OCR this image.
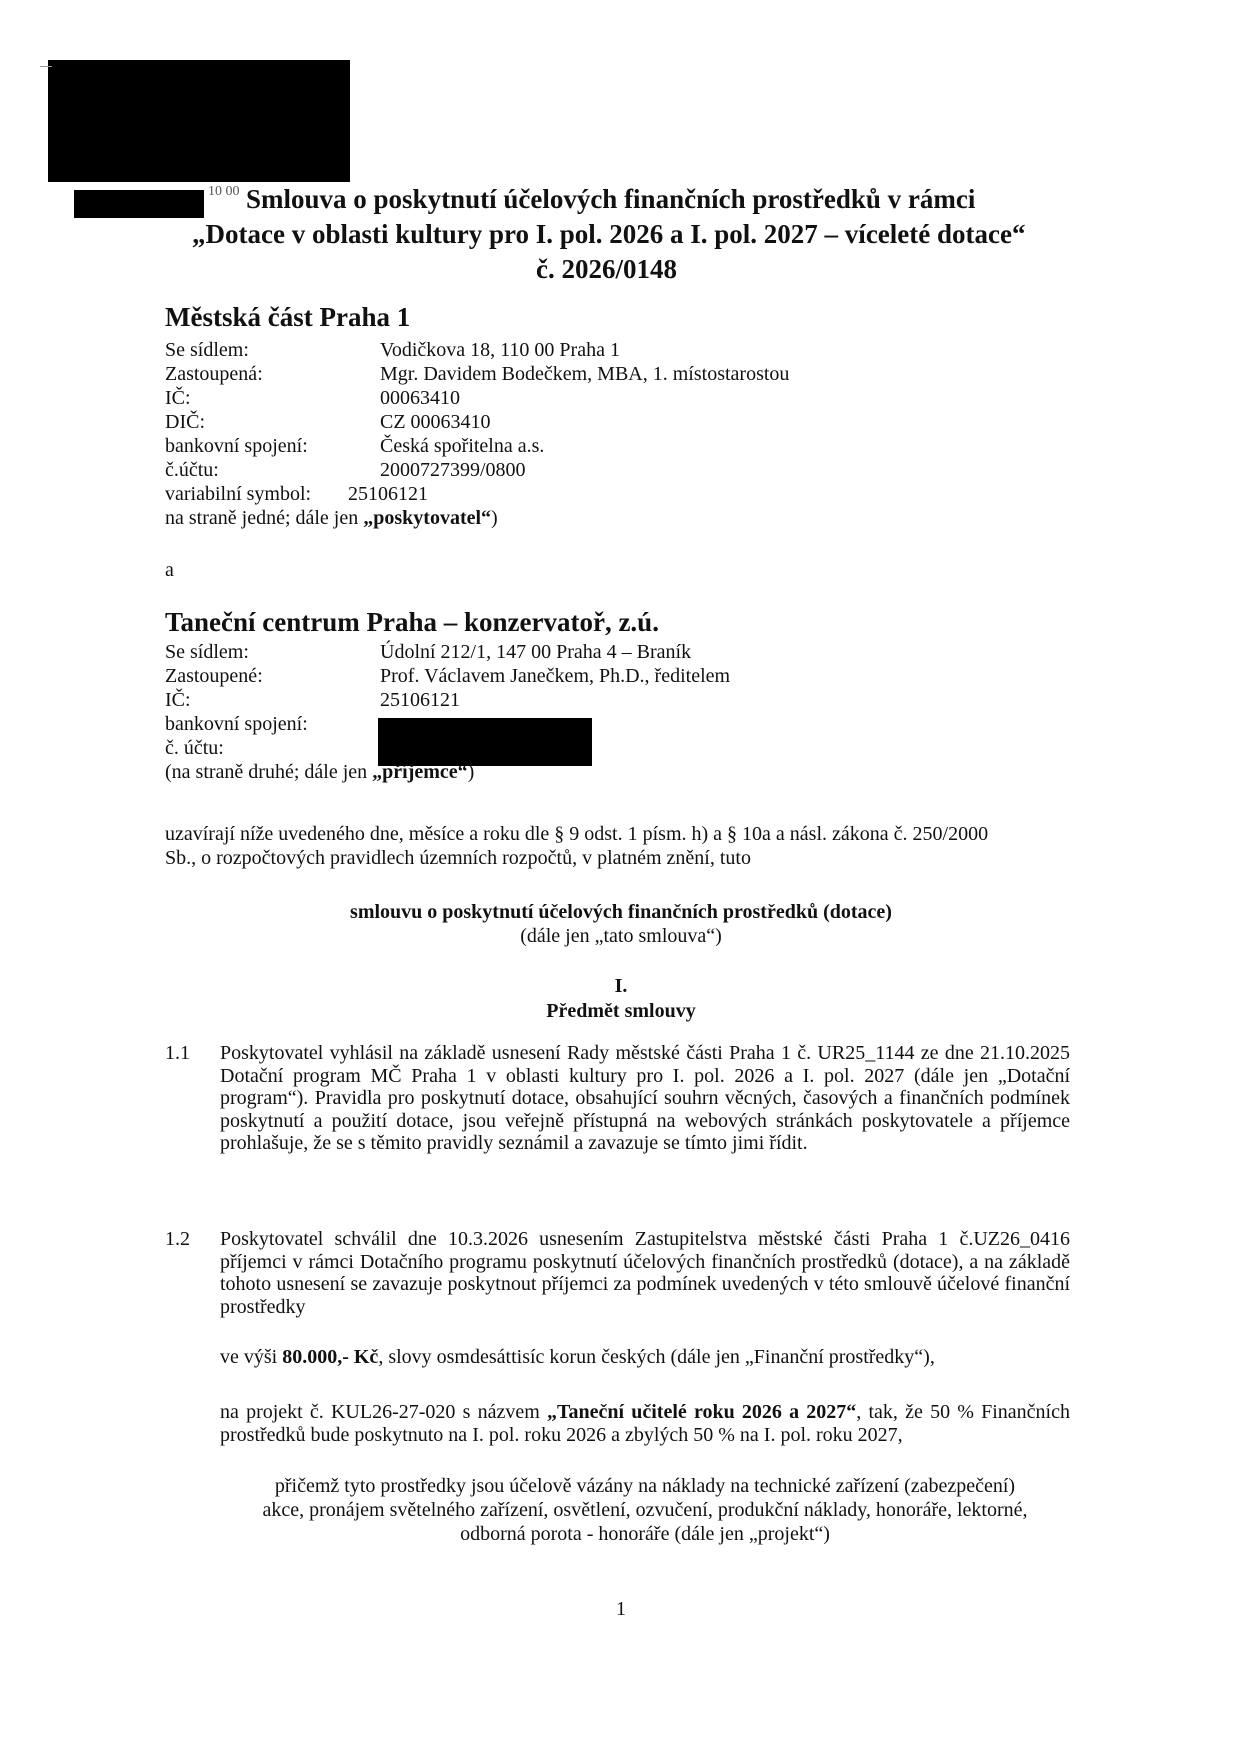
10 00 Smlouva o poskytnutí účelových finančních prostředků v rámci
„Dotace v oblasti kultury pro I. pol. 2026 a I. pol. 2027 – víceleté dotace“
č. 2026/0148
Městská část Praha 1
Se sídlem:	Vodičkova 18, 110 00 Praha 1
Zastoupená:	Mgr. Davidem Bodečkem, MBA, 1. místostarostou
IČ:	00063410
DIČ:	CZ 00063410
bankovní spojení:	Česká spořitelna a.s.
č.účtu:	2000727399/0800
variabilní symbol: 25106121
na straně jedné; dále jen „poskytovatel“)
a
Taneční centrum Praha – konzervatoř, z.ú.
Se sídlem:	Údolní 212/1, 147 00 Praha 4 – Braník
Zastoupené:	Prof. Václavem Janečkem, Ph.D., ředitelem
IČ:	25106121
bankovní spojení:
č. účtu:
(na straně druhé; dále jen „příjemce“)
uzavírají níže uvedeného dne, měsíce a roku dle § 9 odst. 1 písm. h) a § 10a a násl. zákona č. 250/2000
Sb., o rozpočtových pravidlech územních rozpočtů, v platném znění, tuto
smlouvu o poskytnutí účelových finančních prostředků (dotace)
(dále jen „tato smlouva“)
I.
Předmět smlouvy
1.1 Poskytovatel vyhlásil na základě usnesení Rady městské části Praha 1 č. UR25_1144 ze dne 21.10.2025 Dotační program MČ Praha 1 v oblasti kultury pro I. pol. 2026 a I. pol. 2027 (dále jen „Dotační program“). Pravidla pro poskytnutí dotace, obsahující souhrn věcných, časových a finančních podmínek poskytnutí a použití dotace, jsou veřejně přístupná na webových stránkách poskytovatele a příjemce prohlašuje, že se s těmito pravidly seznámil a zavazuje se tímto jimi řídit.
1.2 Poskytovatel schválil dne 10.3.2026 usnesením Zastupitelstva městské části Praha 1 č.UZ26_0416 příjemci v rámci Dotačního programu poskytnutí účelových finančních prostředků (dotace), a na základě tohoto usnesení se zavazuje poskytnout příjemci za podmínek uvedených v této smlouvě účelové finanční prostředky
ve výši 80.000,- Kč, slovy osmdesáttisíc korun českých (dále jen „Finanční prostředky“),
na projekt č. KUL26-27-020 s názvem „Taneční učitelé roku 2026 a 2027“, tak, že 50 % Finančních prostředků bude poskytnuto na I. pol. roku 2026 a zbylých 50 % na I. pol. roku 2027,
přičemž tyto prostředky jsou účelově vázány na náklady na technické zařízení (zabezpečení)
akce, pronájem světelného zařízení, osvětlení, ozvučení, produkční náklady, honoráře, lektorné,
odborná porota - honoráře (dále jen „projekt“)
1
